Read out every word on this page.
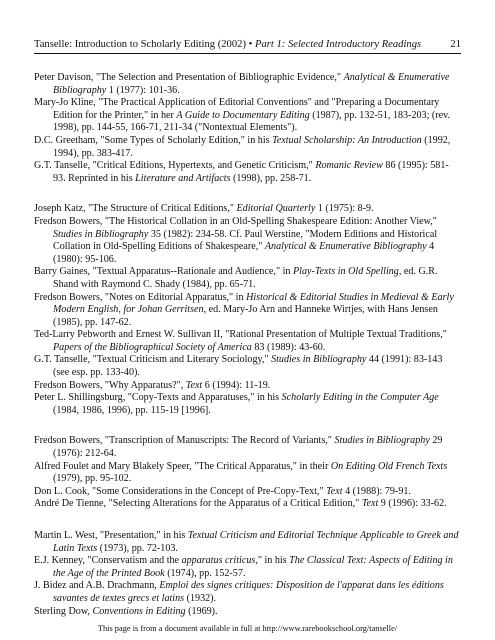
Tanselle: Introduction to Scholarly Editing (2002) • Part 1: Selected Introductory Readings	21

Peter Davison, "The Selection and Presentation of Bibliographic Evidence," Analytical & Enumerative Bibliography 1 (1977): 101-36.

Mary-Jo Kline, "The Practical Application of Editorial Conventions" and "Preparing a Documentary Edition for the Printer," in her A Guide to Documentary Editing (1987), pp. 132-51, 183-203; (rev. 1998), pp. 144-55, 166-71, 211-34 ("Nontextual Elements").

D.C. Greetham, "Some Types of Scholarly Edition," in his Textual Scholarship: An Introduction (1992, 1994), pp. 383-417.

G.T. Tanselle, "Critical Editions, Hypertexts, and Genetic Criticism," Romanic Review 86 (1995): 581-93. Reprinted in his Literature and Artifacts (1998), pp. 258-71.

Joseph Katz, "The Structure of Critical Editions," Editorial Quarterly 1 (1975): 8-9.

Fredson Bowers, "The Historical Collation in an Old-Spelling Shakespeare Edition: Another View," Studies in Bibliography 35 (1982): 234-58. Cf. Paul Werstine, "Modern Editions and Historical Collation in Old-Spelling Editions of Shakespeare," Analytical & Enumerative Bibliography 4 (1980): 95-106.

Barry Gaines, "Textual Apparatus--Rationale and Audience," in Play-Texts in Old Spelling, ed. G.R. Shand with Raymond C. Shady (1984), pp. 65-71.

Fredson Bowers, "Notes on Editorial Apparatus," in Historical & Editorial Studies in Medieval & Early Modern English, for Johan Gerritsen, ed. Mary-Jo Arn and Hanneke Wirtjes, with Hans Jensen (1985), pp. 147-62.

Ted-Larry Pebworth and Ernest W. Sullivan II, "Rational Presentation of Multiple Textual Traditions," Papers of the Bibliographical Society of America 83 (1989): 43-60.

G.T. Tanselle, "Textual Criticism and Literary Sociology," Studies in Bibliography 44 (1991): 83-143 (see esp. pp. 133-40).

Fredson Bowers, "Why Apparatus?", Text 6 (1994): 11-19.

Peter L. Shillingsburg, "Copy-Texts and Apparatuses," in his Scholarly Editing in the Computer Age (1984, 1986, 1996), pp. 115-19 [1996].

Fredson Bowers, "Transcription of Manuscripts: The Record of Variants," Studies in Bibliography 29 (1976): 212-64.

Alfred Foulet and Mary Blakely Speer, "The Critical Apparatus," in their On Editing Old French Texts (1979), pp. 95-102.

Don L. Cook, "Some Considerations in the Concept of Pre-Copy-Text," Text 4 (1988): 79-91.

André De Tienne, "Selecting Alterations for the Apparatus of a Critical Edition," Text 9 (1996): 33-62.

Martin L. West, "Presentation," in his Textual Criticism and Editorial Technique Applicable to Greek and Latin Texts (1973), pp. 72-103.

E.J. Kenney, "Conservatism and the apparatus criticus," in his The Classical Text: Aspects of Editing in the Age of the Printed Book (1974), pp. 152-57.

J. Bidez and A.B. Drachmann, Emploi des signes critiques: Disposition de l'apparat dans les éditions savantes de textes grecs et latins (1932).

Sterling Dow, Conventions in Editing (1969).

This page is from a document available in full at http://www.rarebookschool.org/tanselle/
